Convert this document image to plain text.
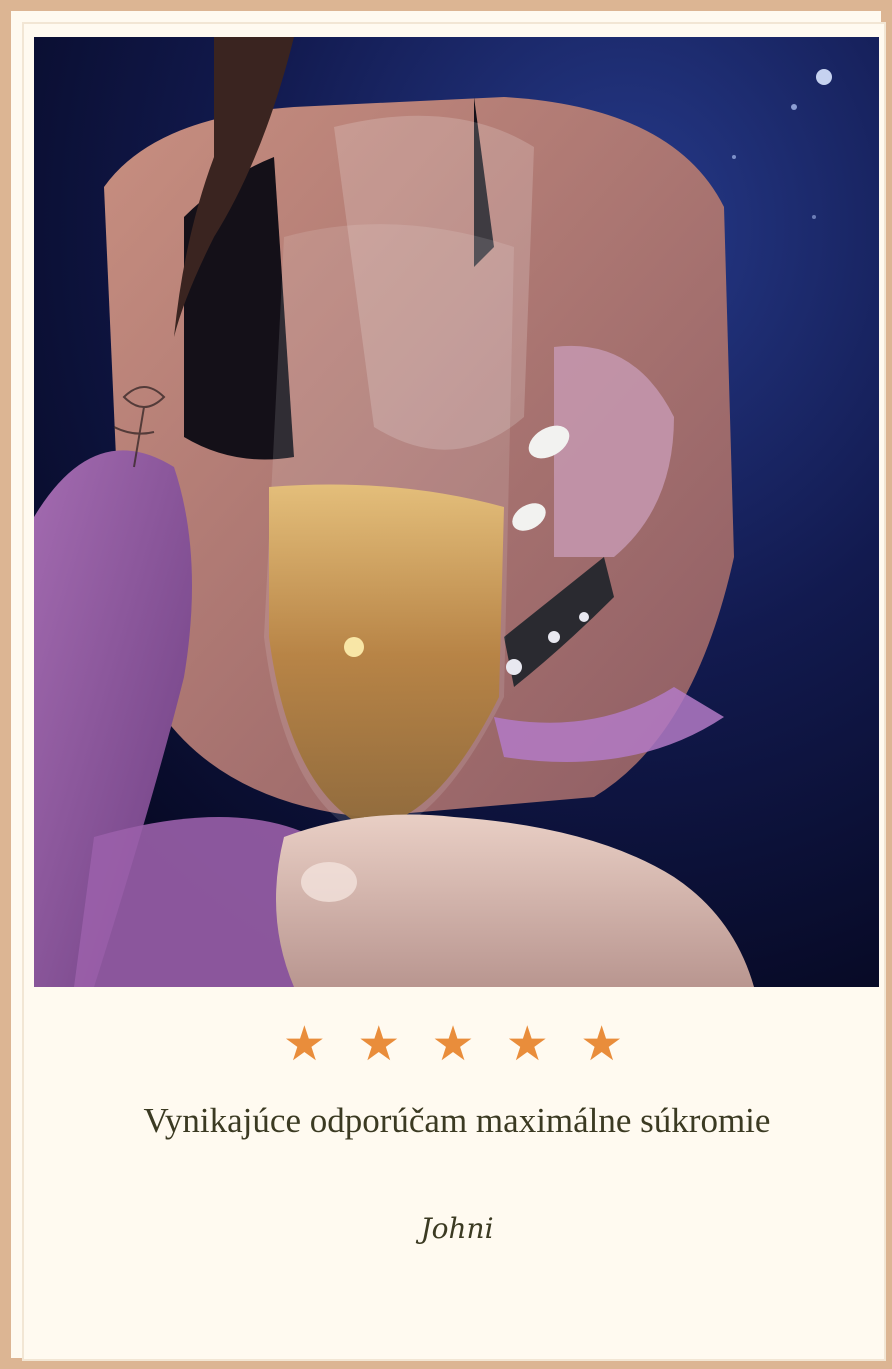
★ ★ ★ ★ ★
Vynikajúce odporúčam maximálne súkromie
Johni
